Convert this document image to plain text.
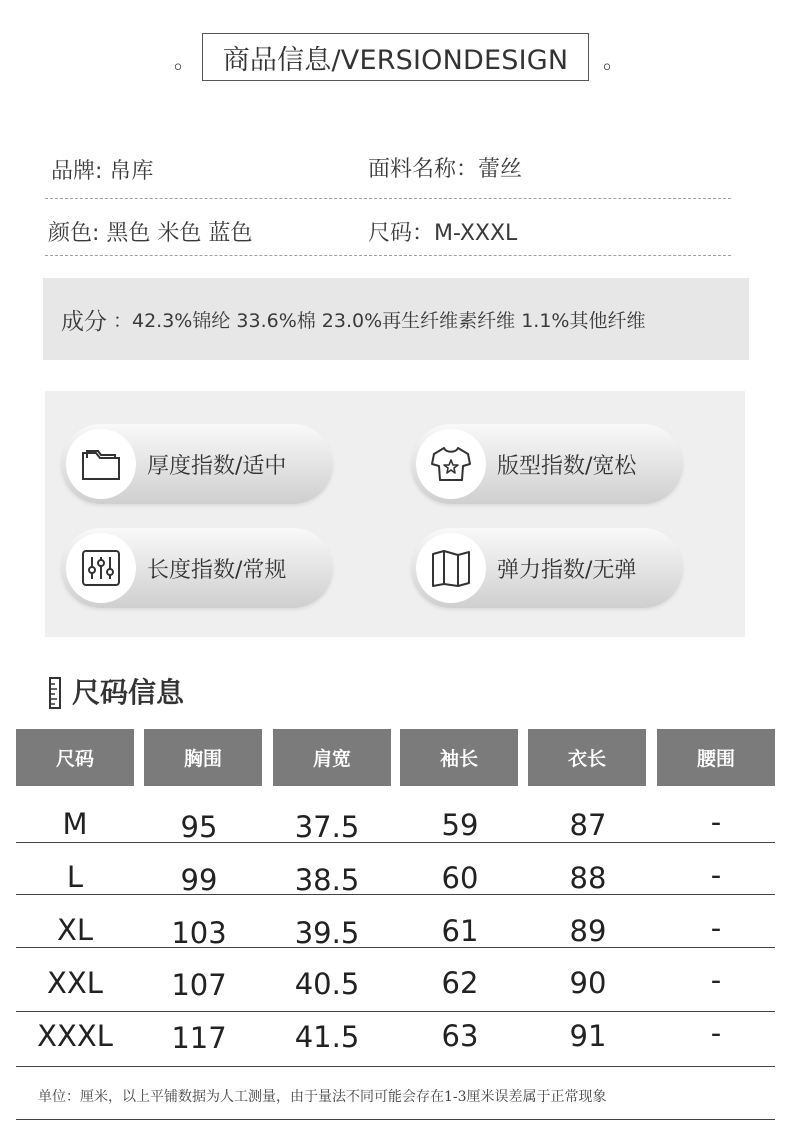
。 商品信息/VERSIONDESIGN	。
品牌: 帛库	面料名称：蕾丝
颜色: 黑色 米色 蓝色	尺码：M-XXXL
成分 ：42.3%锦纶 33.6%棉 23.0%再生纤维素纤维 1.1%其他纤维
厚度指数/适中	版型指数/宽松
长度指数/常规	弹力指数/无弹
尺码信息
尺码	胸围	肩宽	袖长	衣长	腰围
M	95	37.5	59	87	-
L	99	38.5	60	88	-
XL	103	39.5	61	89	-
XXL	107	40.5	62	90	-
XXXL	117	41.5	63	91	-
单位：厘米，以上平铺数据为人工测量，由于量法不同可能会存在1-3厘米误差属于正常现象
